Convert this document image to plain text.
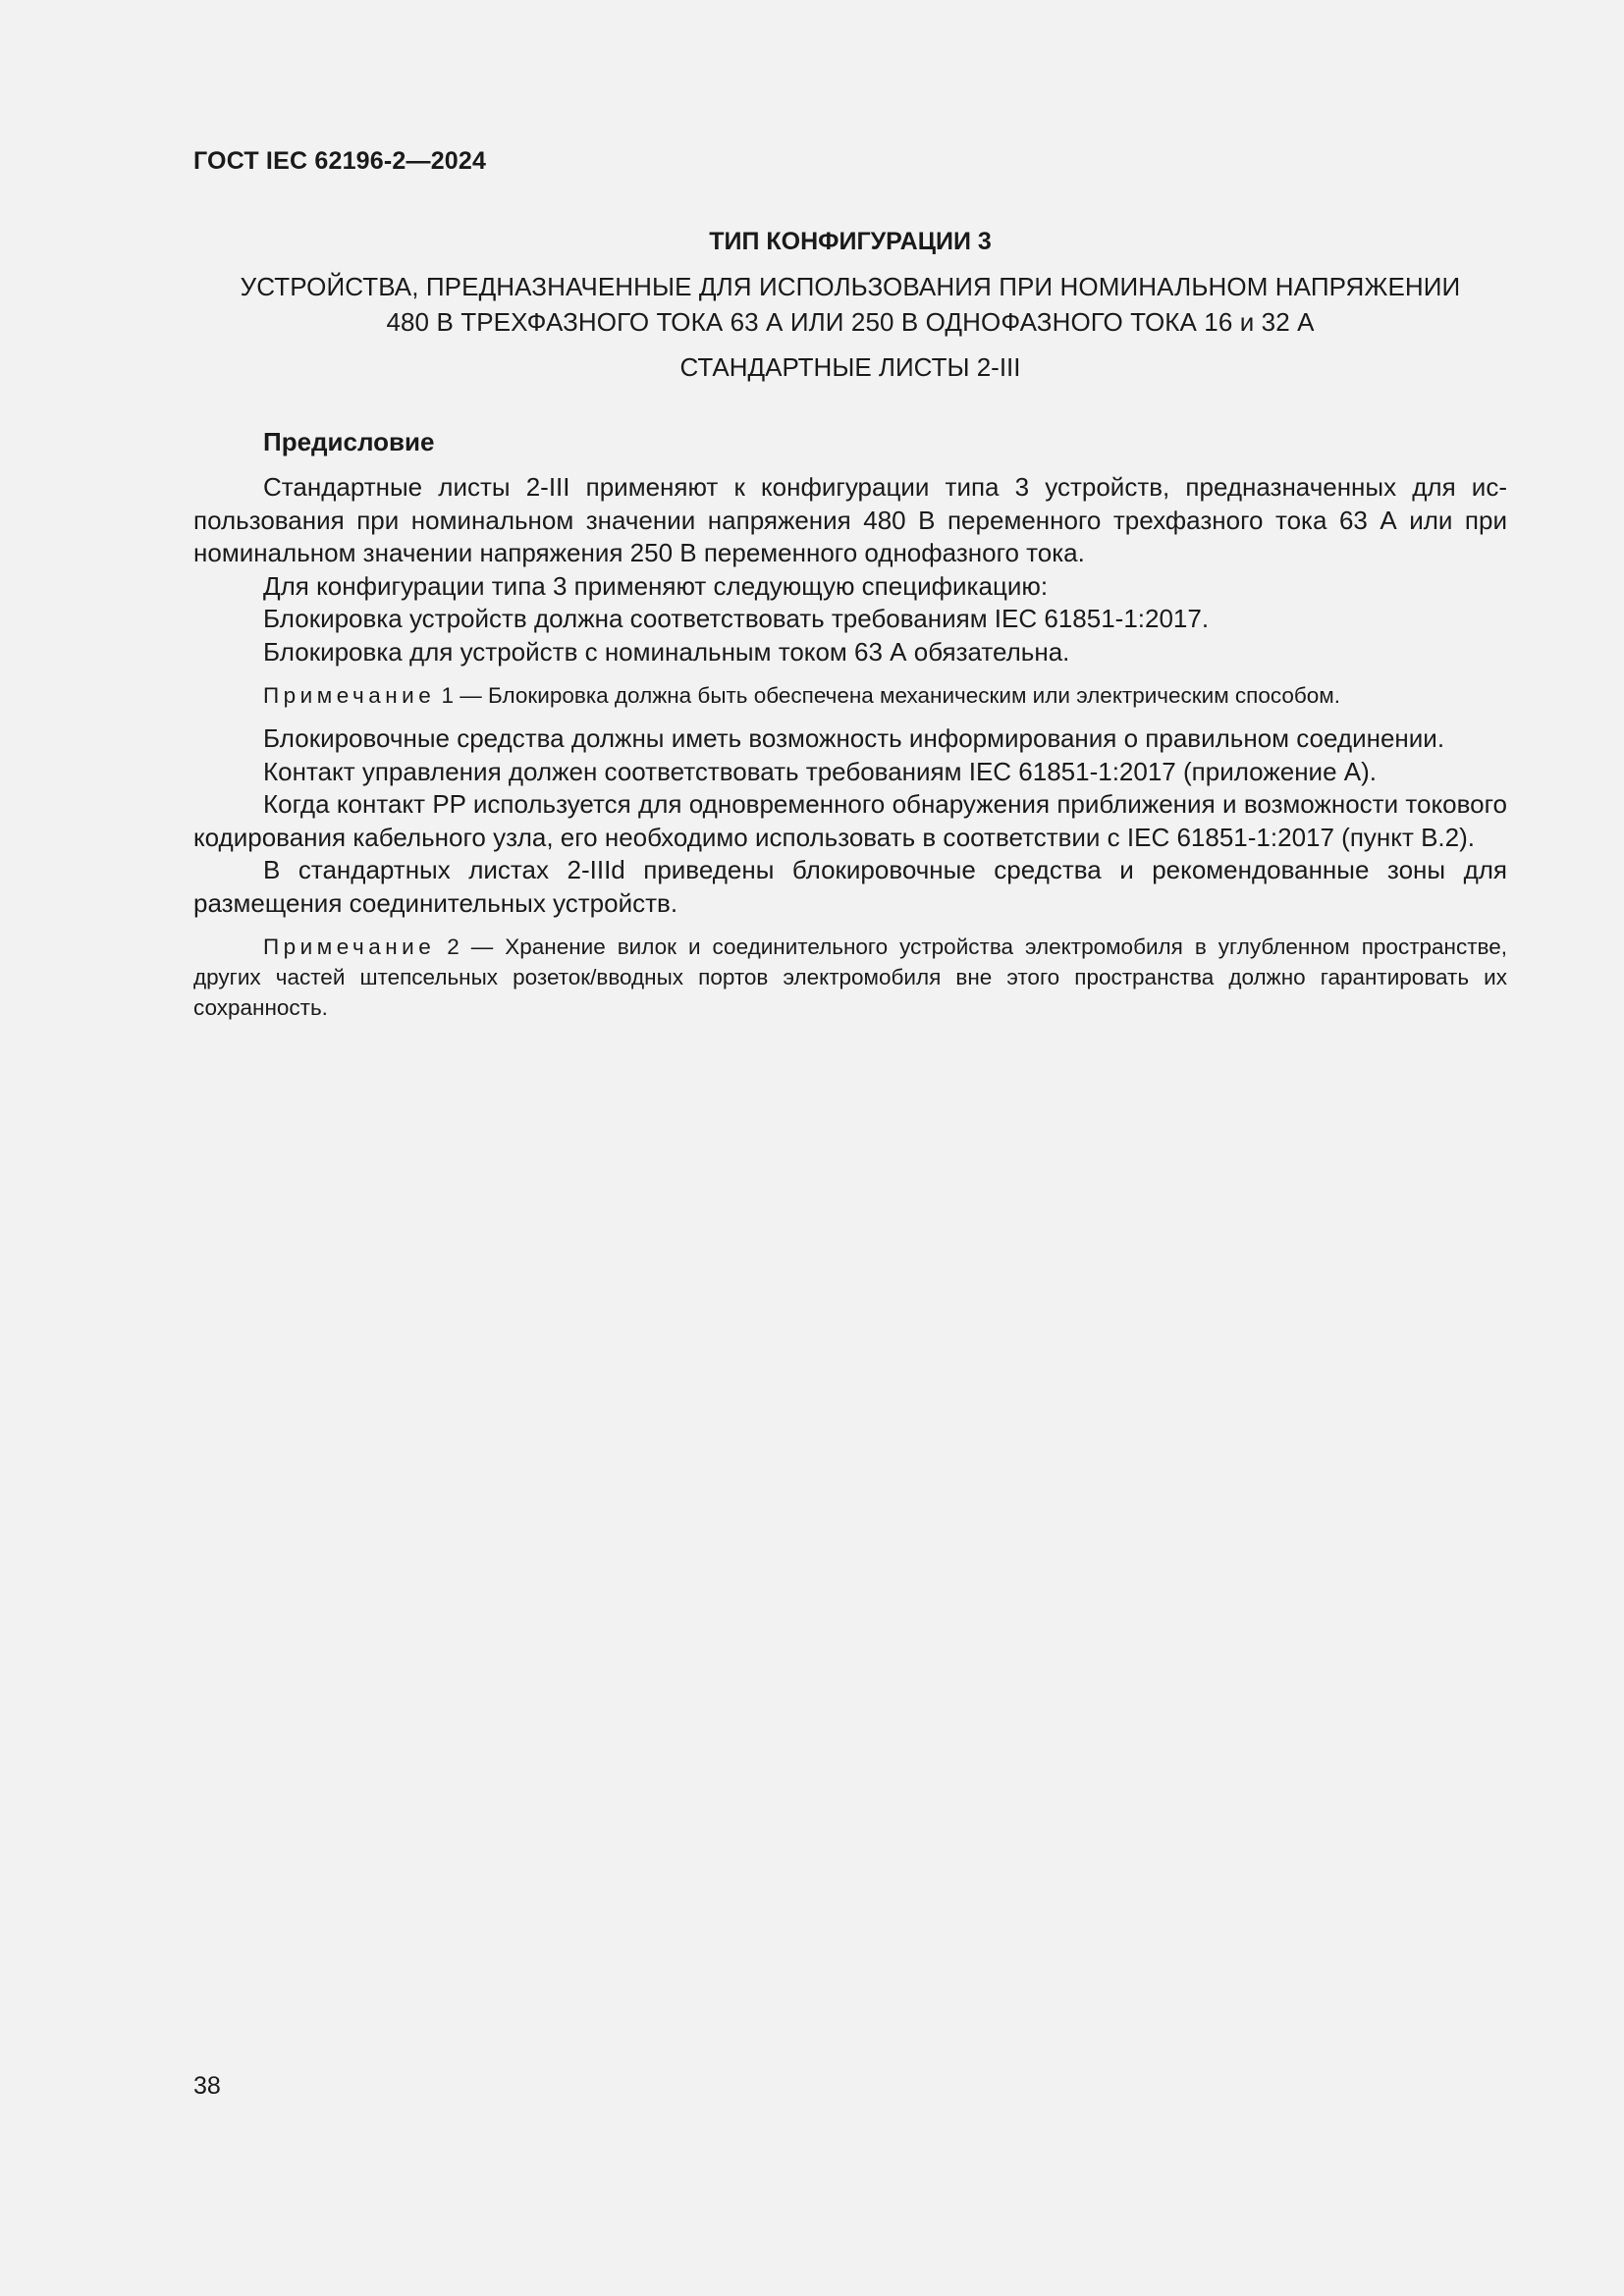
ГОСТ IEC 62196-2—2024

ТИП КОНФИГУРАЦИИ 3

УСТРОЙСТВА, ПРЕДНАЗНАЧЕННЫЕ ДЛЯ ИСПОЛЬЗОВАНИЯ ПРИ НОМИНАЛЬНОМ НАПРЯЖЕНИИ
480 В ТРЕХФАЗНОГО ТОКА 63 А ИЛИ 250 В ОДНОФАЗНОГО ТОКА 16 и 32 А

СТАНДАРТНЫЕ ЛИСТЫ 2-III

Предисловие

Стандартные листы 2-III применяют к конфигурации типа 3 устройств, предназначенных для использования при номинальном значении напряжения 480 В переменного трехфазного тока 63 А или при номинальном значении напряжения 250 В переменного однофазного тока.

Для конфигурации типа 3 применяют следующую спецификацию:

Блокировка устройств должна соответствовать требованиям IEC 61851-1:2017.

Блокировка для устройств с номинальным током 63 А обязательна.

Примечание 1 — Блокировка должна быть обеспечена механическим или электрическим способом.

Блокировочные средства должны иметь возможность информирования о правильном соединении.

Контакт управления должен соответствовать требованиям IEC 61851-1:2017 (приложение А).

Когда контакт PP используется для одновременного обнаружения приближения и возможности токового кодирования кабельного узла, его необходимо использовать в соответствии с IEC 61851-1:2017 (пункт В.2).

В стандартных листах 2-IIId приведены блокировочные средства и рекомендованные зоны для размещения соединительных устройств.

Примечание 2 — Хранение вилок и соединительного устройства электромобиля в углубленном пространстве, других частей штепсельных розеток/вводных портов электромобиля вне этого пространства должно гарантировать их сохранность.

38
